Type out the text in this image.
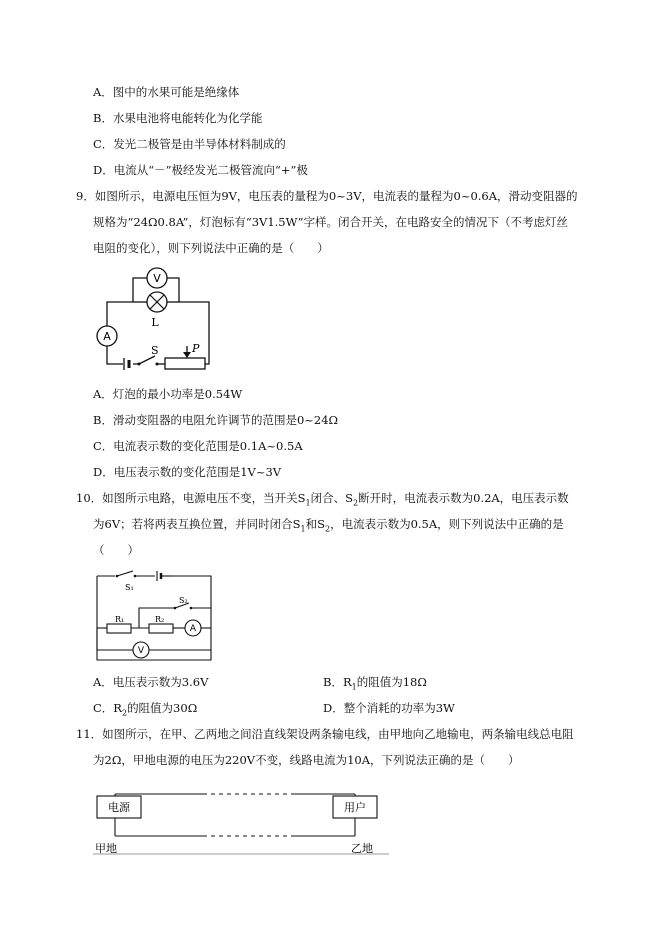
A．图中的水果可能是绝缘体
B．水果电池将电能转化为化学能
C．发光二极管是由半导体材料制成的
D．电流从“－”极经发光二极管流向“+”极
9．如图所示，电源电压恒为9V，电压表的量程为0~3V，电流表的量程为0~0.6A，滑动变阻器的
规格为“24Ω0.8A”，灯泡标有“3V1.5W”字样。闭合开关，在电路安全的情况下（不考虑灯丝
电阻的变化），则下列说法中正确的是（　　）
V
L
A
S	P
A．灯泡的最小功率是0.54W
B．滑动变阻器的电阻允许调节的范围是0~24Ω
C．电流表示数的变化范围是0.1A~0.5A
D．电压表示数的变化范围是1V~3V
10．如图所示电路，电源电压不变，当开关$S_1$闭合、$S_2$断开时，电流表示数为0.2A，电压表示数
为6V；若将两表互换位置，并同时闭合$S_1$和$S_2$，电流表示数为0.5A，则下列说法中正确的是
（　　）
S₁
S₂
R₁	R₂
A
V
A．电压表示数为3.6V	B．$R_1$的阻值为18Ω
C．$R_2$的阻值为30Ω	D．整个消耗的功率为3W
11．如图所示，在甲、乙两地之间沿直线架设两条输电线，由甲地向乙地输电，两条输电线总电阻
为2Ω，甲地电源的电压为220V不变，线路电流为10A，下列说法正确的是（　　）
电源	用户
甲地	乙地
